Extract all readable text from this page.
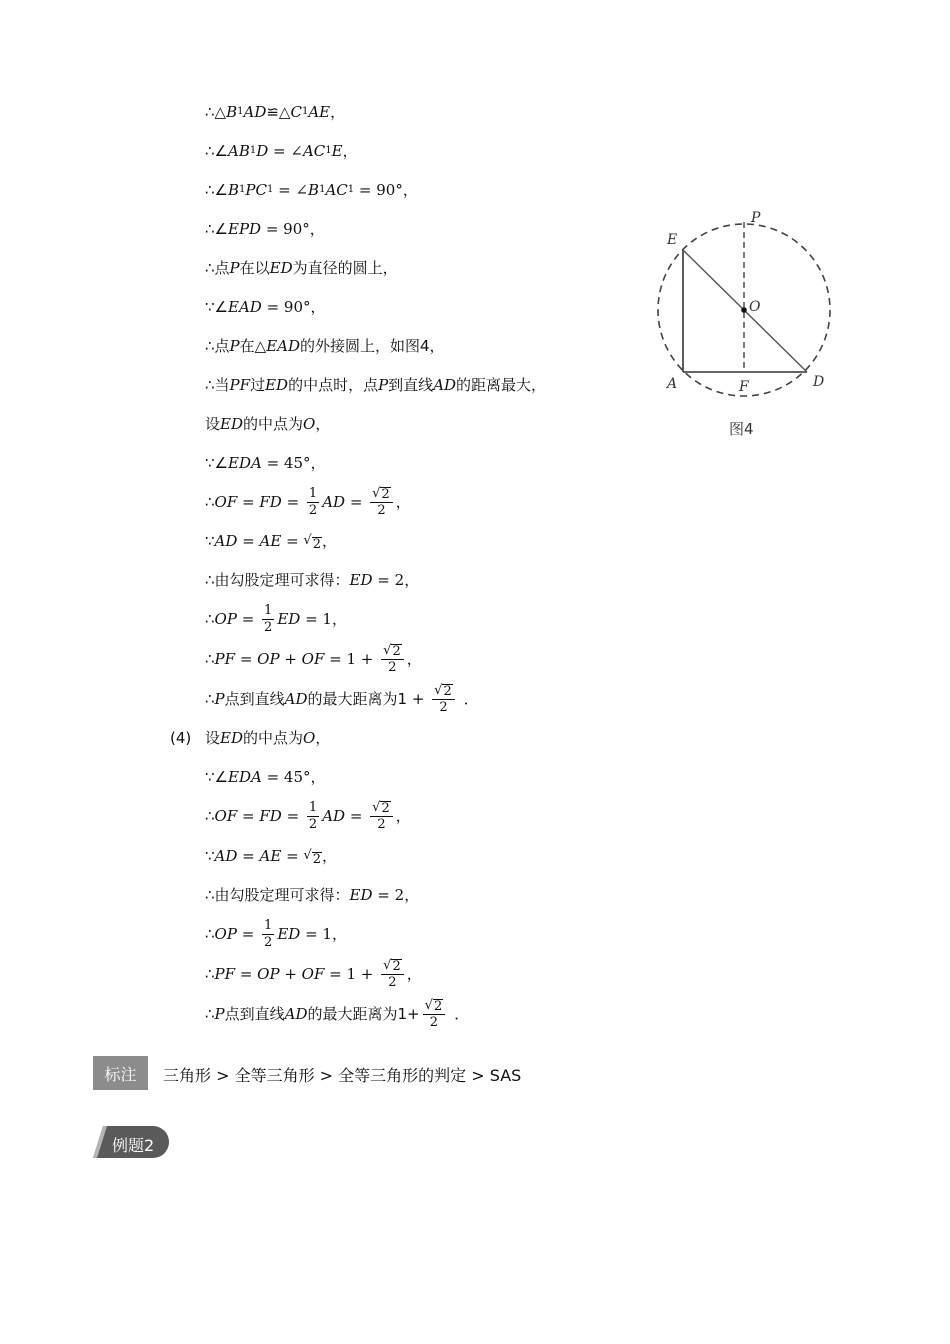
∴△ B 1 AD ≌△ C 1 AE ，
∴∠ AB 1 D = ∠ AC 1 E ，
∴∠ B 1 PC 1 = ∠ B 1 AC 1 = 90° ，
∴∠ EPD = 90° ，
∴点 P 在以 ED 为直径的圆上，
∵∠ EAD = 90° ，
∴点 P 在△ EAD 的外接圆上，如图4，
∴当 PF 过 ED 的中点时，点 P 到直线 AD 的距离最大，
设 ED 的中点为 O ，
∵∠ EDA = 45° ，
∴ OF = FD = $\frac{1}{2}$ AD = $\frac{√ 2}{2}$ ，
∵ AD = AE = √ 2 ，
∴由勾股定理可求得： ED = 2 ，
∴ OP = $\frac{1}{2}$ ED = 1 ，
∴ PF = OP + OF = $1 + \frac{√ 2}{2}$ ，
∴ P 点到直线 AD 的最大距离为$1 + \frac{√ 2}{2}$ ．
(4) 设 ED 的中点为 O ，
∵∠ EDA = 45° ，
∴ OF = FD = $\frac{1}{2}$ AD = $\frac{√ 2}{2}$ ，
∵ AD = AE = √ 2 ，
∴由勾股定理可求得： ED = 2 ，
∴ OP = $\frac{1}{2}$ ED = 1 ，
∴ PF = OP + OF = $1 + \frac{√ 2}{2}$ ，
∴ P 点到直线 AD 的最大距离为$1+ \frac{√ 2}{2}$ ．
E
P
O
A	F	D
图4
标注	三角形 > 全等三角形 > 全等三角形的判定 > SAS
例题2
